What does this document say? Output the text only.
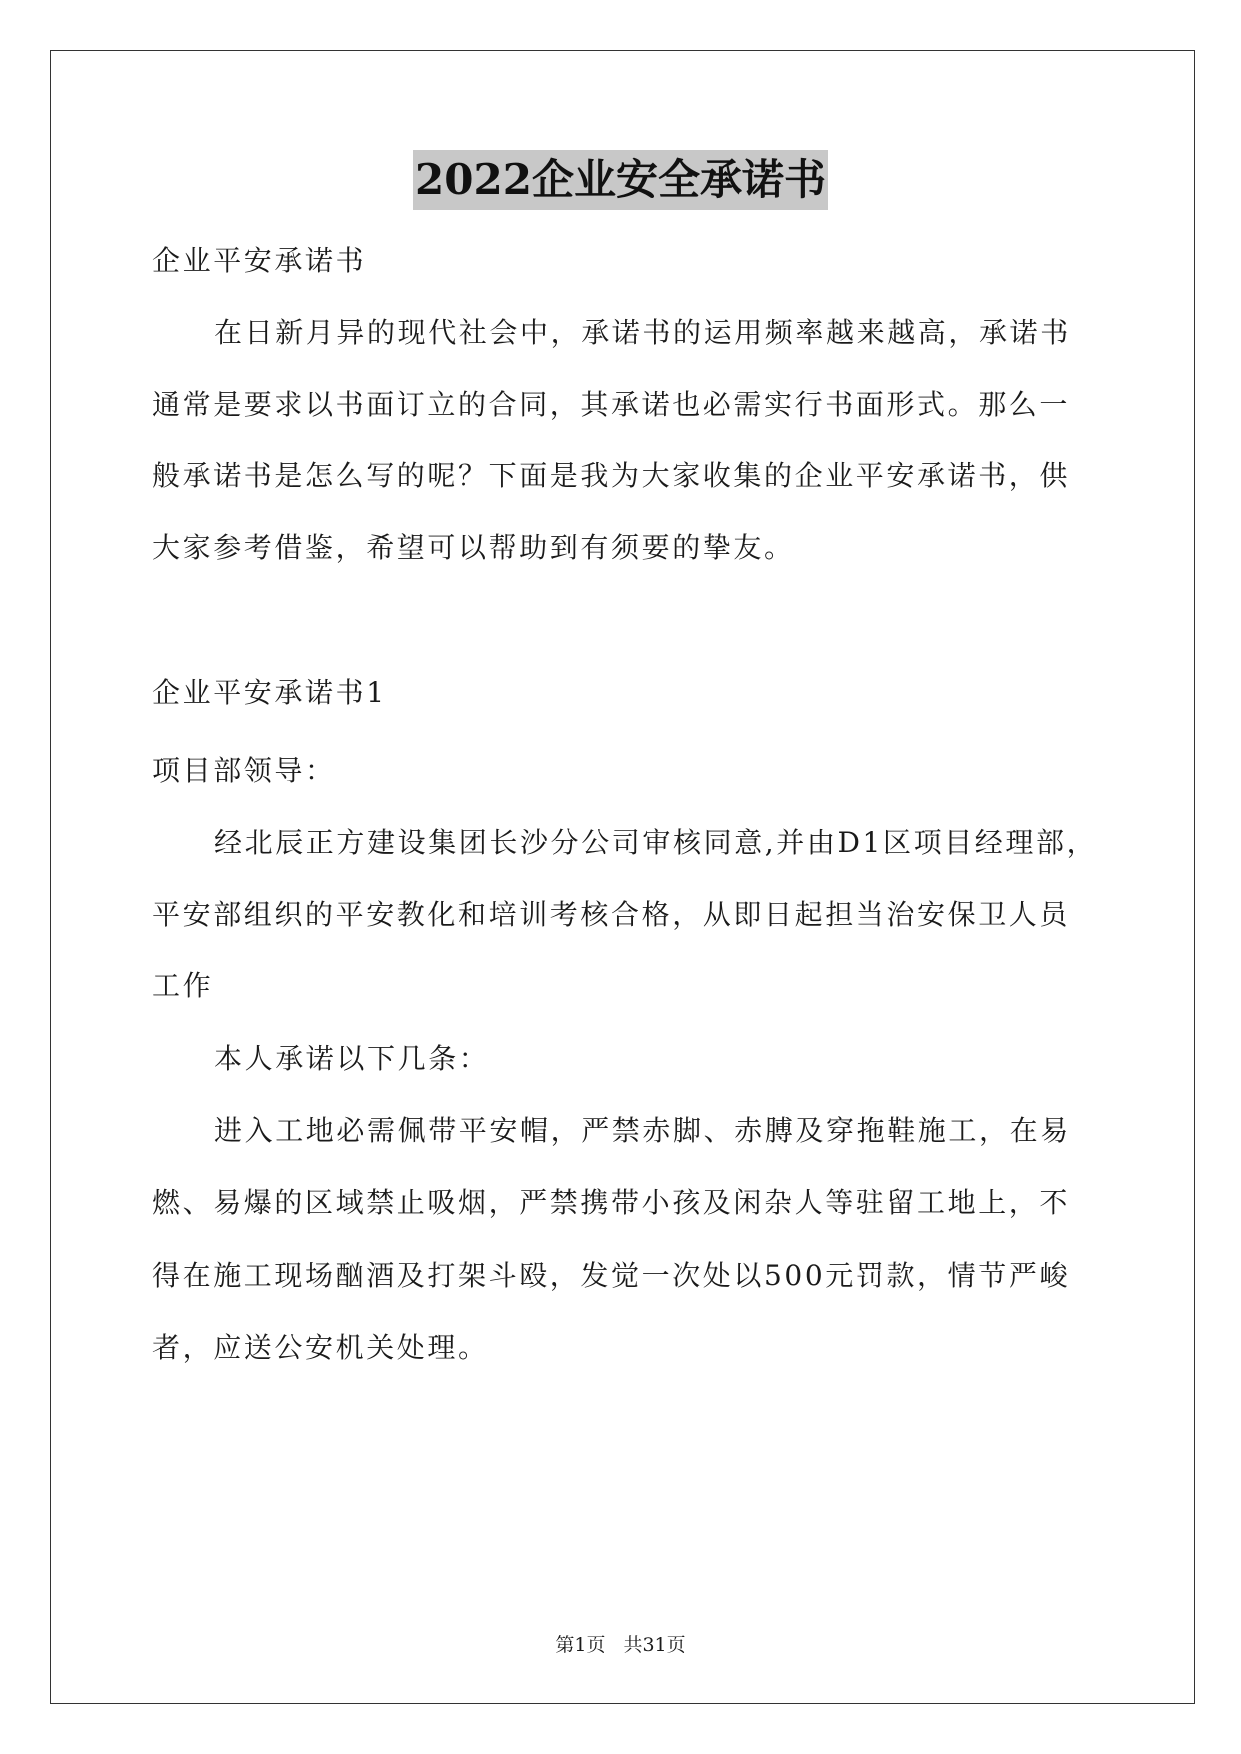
2022企业安全承诺书
企业平安承诺书
在日新月异的现代社会中，承诺书的运用频率越来越高，承诺书
通常是要求以书面订立的合同，其承诺也必需实行书面形式。那么一
般承诺书是怎么写的呢？下面是我为大家收集的企业平安承诺书，供
大家参考借鉴，希望可以帮助到有须要的挚友。
企业平安承诺书1
项目部领导：
经北辰正方建设集团长沙分公司审核同意,并由D1区项目经理部，
平安部组织的平安教化和培训考核合格，从即日起担当治安保卫人员
工作
本人承诺以下几条：
进入工地必需佩带平安帽，严禁赤脚、赤膊及穿拖鞋施工，在易
燃、易爆的区域禁止吸烟，严禁携带小孩及闲杂人等驻留工地上，不
得在施工现场酗酒及打架斗殴，发觉一次处以500元罚款，情节严峻
者，应送公安机关处理。
第1页 共31页
